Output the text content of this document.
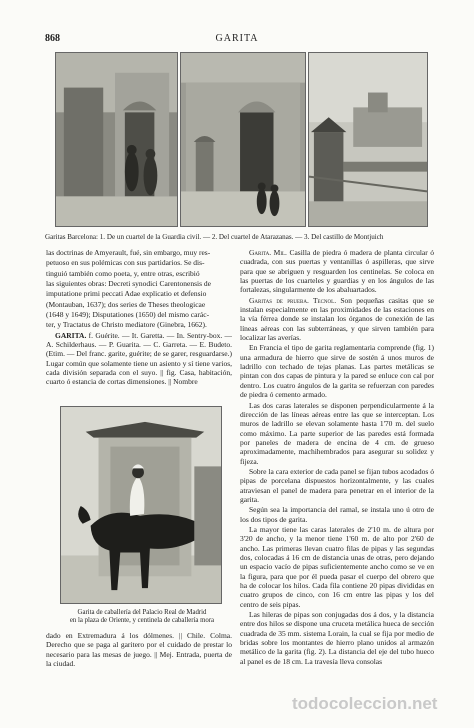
868	GARITA
Garitas Barcelona: 1. De un cuartel de la Guardia civil. — 2. Del cuartel de Atarazanas. — 3. Del castillo de Montjuich

las doctrinas de Amyerault, fué, sin embargo, muy res-

petuoso en sus polémicas con sus partidarios. Se dis-

tinguió también como poeta, y, entre otras, escribió

las siguientes obras: Decreti synodici Carentonensis de

imputatione primi peccati Adae explicatio et defensio

(Montauban, 1637); dos series de Theses theologicae

(1648 y 1649); Disputationes (1650) del mismo carác-

ter, y Tractatus de Christo mediatore (Ginebra, 1662).

GARITA. f. Guérite. — It. Garetta. — In. Sentry-box. — A. Schilderhaus. — P. Guarita. — C. Garreta. — E. Budeto. (Etim. — Del franc. garite, guérite; de se garer, resguardarse.) Lugar común que solamente tiene un asiento y sí tiene varios, cada división separada con el suyo. || fig. Casa, habitación, cuarto ó estancia de cortas dimensiones. || Nombre

Garita de caballería del Palacio Real de Madrid
en la plaza de Oriente, y centinela de caballería mora

dado en Extremadura á los dólmenes. || Chile. Colma. Derecho que se paga al garitero por el cuidado de prestar lo necesario para las mesas de juego. || Mej. Entrada, puerta de la ciudad.

Garita. Mil. Casilla de piedra ó madera de planta circular ó cuadrada, con sus puertas y ventanillas ó aspilleras, que sirve para que se abriguen y resguarden los centinelas. Se coloca en las puertas de los cuarteles y guardias y en los ángulos de las fortalezas, singularmente de los abaluartados.

Garitas de prueba. Tecnol. Son pequeñas casitas que se instalan especialmente en las proximidades de las estaciones en la vía férrea donde se instalan los órganos de conexión de las líneas aéreas con las subterráneas, y que sirven también para localizar las averías.

En Francia el tipo de garita reglamentaria comprende (fig. 1) una armadura de hierro que sirve de sostén á unos muros de ladrillo con techado de tejas planas. Las partes metálicas se pintan con dos capas de pintura y la pared se enluce con cal por dentro. Los cuatro ángulos de la garita se refuerzan con paredes de piedra ó cemento armado.

Las dos caras laterales se disponen perpendicularmente á la dirección de las líneas aéreas entre las que se interceptan. Los muros de ladrillo se elevan solamente hasta 1'70 m. del suelo como máximo. La parte superior de las paredes está formada por paneles de madera de encina de 4 cm. de grueso aproximadamente, machihembrados para asegurar su solidez y fijeza.

Sobre la cara exterior de cada panel se fijan tubos acodados ó pipas de porcelana dispuestos horizontalmente, y las cuales atraviesan el panel de madera para penetrar en el interior de la garita.

Según sea la importancia del ramal, se instala uno ú otro de los dos tipos de garita.

La mayor tiene las caras laterales de 2'10 m. de altura por 3'20 de ancho, y la menor tiene 1'60 m. de alto por 2'60 de ancho. Las primeras llevan cuatro filas de pipas y las segundas dos, colocadas á 16 cm de distancia unas de otras, pero dejando un espacio vacío de pipas suficientemente ancho como se ve en la figura, para que por él pueda pasar el cuerpo del obrero que ha de colocar los hilos. Cada fila contiene 20 pipas divididas en cuatro grupos de cinco, con 16 cm entre las pipas y los del centro de seis pipas.

Las hileras de pipas son conjugadas dos á dos, y la distancia entre dos hilos se dispone una cruceta metálica hueca de sección cuadrada de 35 mm. sistema Lorain, la cual se fija por medio de bridas sobre los montantes de hierro plano unidos al armazón metálico de la garita (fig. 2). La distancia del eje del tubo hueco al panel es de 18 cm. La travesía lleva consolas

todocoleccion.net
